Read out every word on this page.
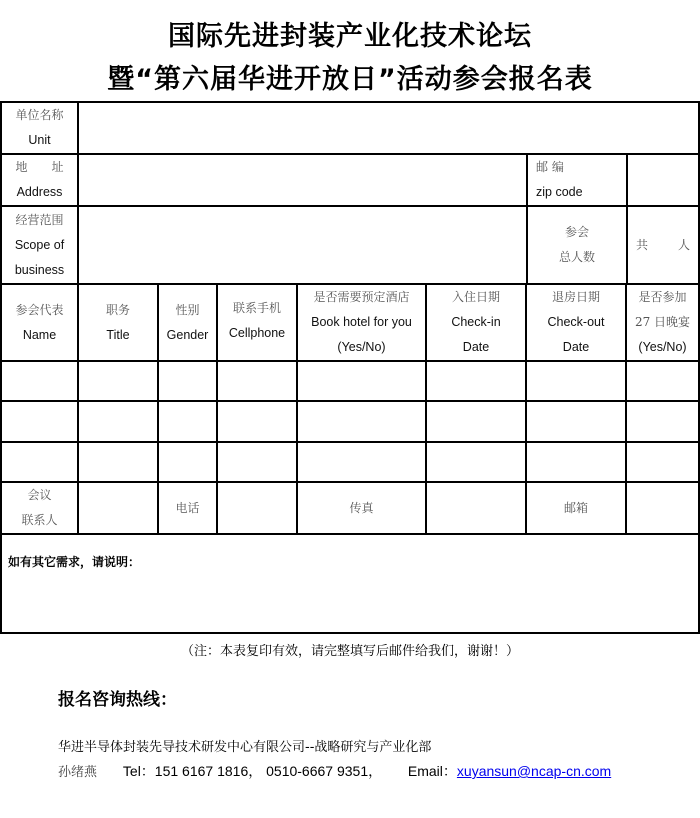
国际先进封装产业化技术论坛
暨“第六届华进开放日”活动参会报名表
单位名称
Unit
地　　址
Address
邮 编
zip code
经营范围
Scope of
business
参会
总人数
共 人
参会代表
Name
职务
Title
性别
Gender
联系手机
Cellphone
是否需要预定酒店
Book hotel for you
(Yes/No)
入住日期
Check-in
Date
退房日期
Check-out
Date
是否参加
27 日晚宴
(Yes/No)
会议
联系人
电话	传真	邮箱
如有其它需求，请说明：
（注：本表复印有效，请完整填写后邮件给我们，谢谢！）
报名咨询热线：
华进半导体封装先导技术研发中心有限公司--战略研究与产业化部
孙绪燕 Tel：151 6167 1816， 0510-6667 9351， Email：xuyansun@ncap-cn.com
